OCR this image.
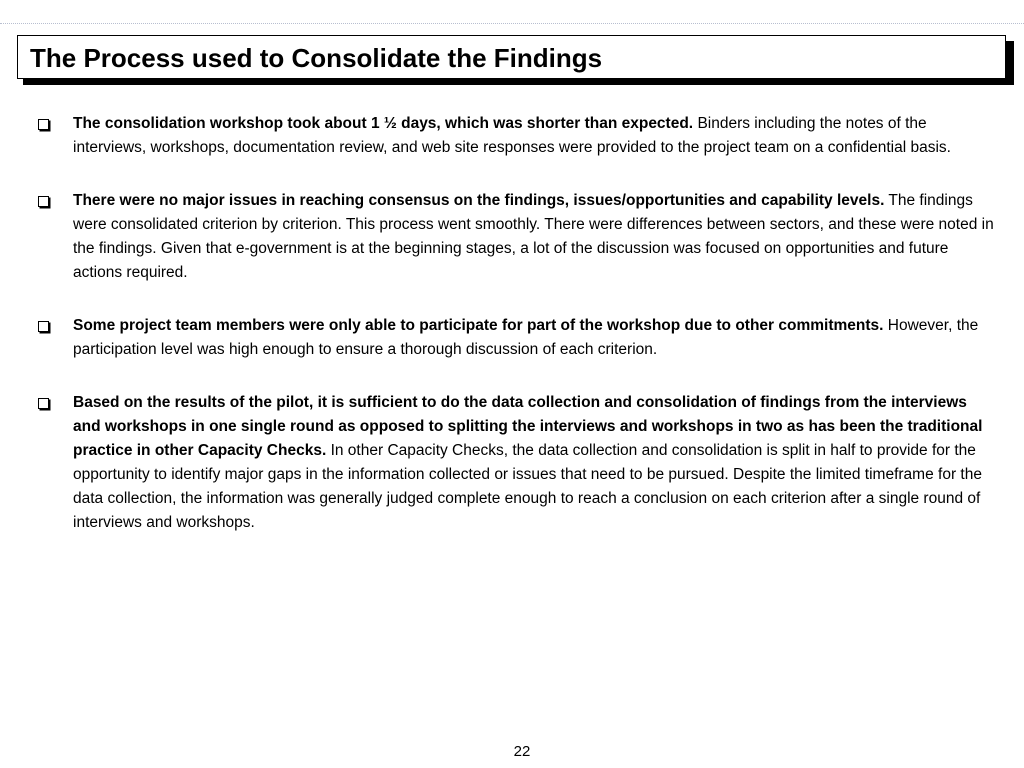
The Process used to Consolidate the Findings
The consolidation workshop took about 1 ½ days, which was shorter than expected. Binders including the notes of the interviews, workshops, documentation review, and web site responses were provided to the project team on a confidential basis.
There were no major issues in reaching consensus on the findings, issues/opportunities and capability levels. The findings were consolidated criterion by criterion. This process went smoothly. There were differences between sectors, and these were noted in the findings. Given that e-government is at the beginning stages, a lot of the discussion was focused on opportunities and future actions required.
Some project team members were only able to participate for part of the workshop due to other commitments. However, the participation level was high enough to ensure a thorough discussion of each criterion.
Based on the results of the pilot, it is sufficient to do the data collection and consolidation of findings from the interviews and workshops in one single round as opposed to splitting the interviews and workshops in two as has been the traditional practice in other Capacity Checks. In other Capacity Checks, the data collection and consolidation is split in half to provide for the opportunity to identify major gaps in the information collected or issues that need to be pursued. Despite the limited timeframe for the data collection, the information was generally judged complete enough to reach a conclusion on each criterion after a single round of interviews and workshops.
22
